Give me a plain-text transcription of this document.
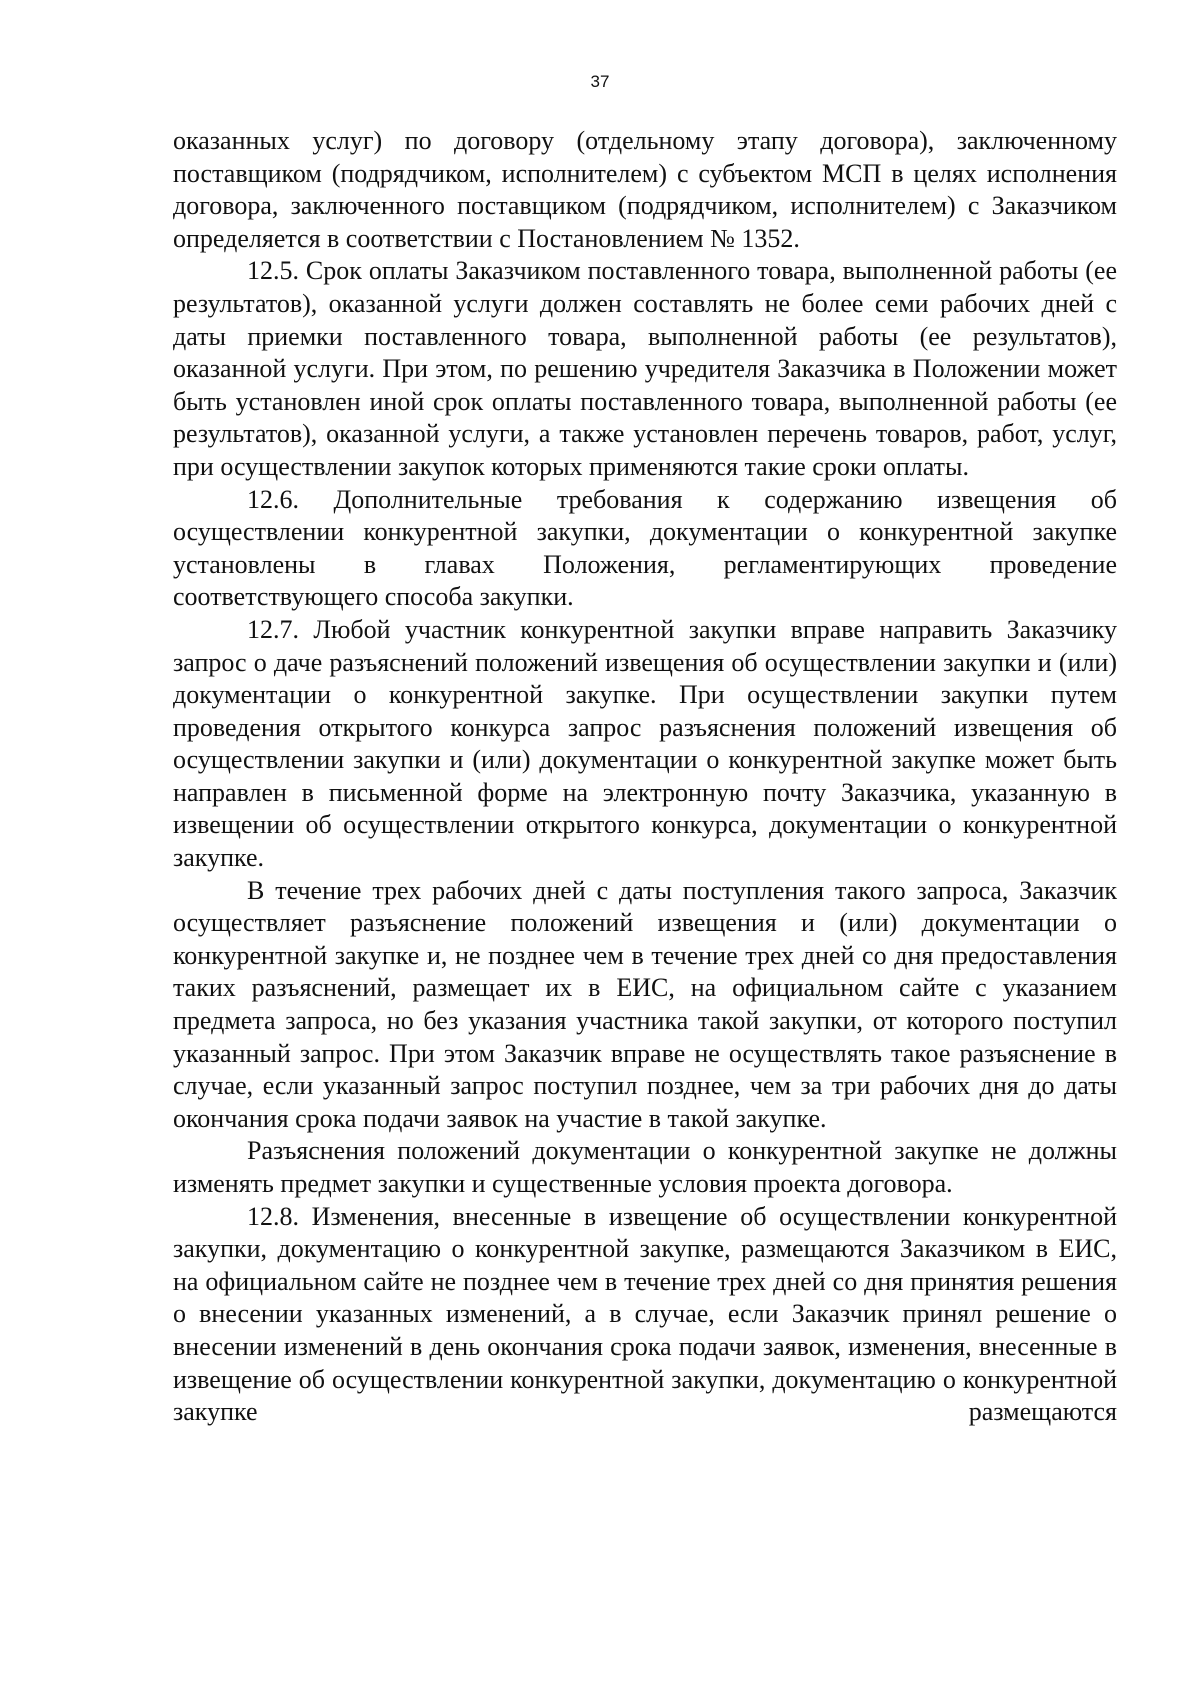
37

оказанных услуг) по договору (отдельному этапу договора), заключенному поставщиком (подрядчиком, исполнителем) с субъектом МСП в целях исполнения договора, заключенного поставщиком (подрядчиком, исполнителем) с Заказчиком определяется в соответствии с Постановлением № 1352.

12.5. Срок оплаты Заказчиком поставленного товара, выполненной работы (ее результатов), оказанной услуги должен составлять не более семи рабочих дней с даты приемки поставленного товара, выполненной работы (ее результатов), оказанной услуги. При этом, по решению учредителя Заказчика в Положении может быть установлен иной срок оплаты поставленного товара, выполненной работы (ее результатов), оказанной услуги, а также установлен перечень товаров, работ, услуг, при осуществлении закупок которых применяются такие сроки оплаты.

12.6. Дополнительные требования к содержанию извещения об осуществлении конкурентной закупки, документации о конкурентной закупке установлены в главах Положения, регламентирующих проведение соответствующего способа закупки.

12.7. Любой участник конкурентной закупки вправе направить Заказчику запрос о даче разъяснений положений извещения об осуществлении закупки и (или) документации о конкурентной закупке. При осуществлении закупки путем проведения открытого конкурса запрос разъяснения положений извещения об осуществлении закупки и (или) документации о конкурентной закупке может быть направлен в письменной форме на электронную почту Заказчика, указанную в извещении об осуществлении открытого конкурса, документации о конкурентной закупке.

В течение трех рабочих дней с даты поступления такого запроса, Заказчик осуществляет разъяснение положений извещения и (или) документации о конкурентной закупке и, не позднее чем в течение трех дней со дня предоставления таких разъяснений, размещает их в ЕИС, на официальном сайте с указанием предмета запроса, но без указания участника такой закупки, от которого поступил указанный запрос. При этом Заказчик вправе не осуществлять такое разъяснение в случае, если указанный запрос поступил позднее, чем за три рабочих дня до даты окончания срока подачи заявок на участие в такой закупке.

Разъяснения положений документации о конкурентной закупке не должны изменять предмет закупки и существенные условия проекта договора.

12.8. Изменения, внесенные в извещение об осуществлении конкурентной закупки, документацию о конкурентной закупке, размещаются Заказчиком в ЕИС, на официальном сайте не позднее чем в течение трех дней со дня принятия решения о внесении указанных изменений, а в случае, если Заказчик принял решение о внесении изменений в день окончания срока подачи заявок, изменения, внесенные в извещение об осуществлении конкурентной закупки, документацию о конкурентной закупке размещаются
